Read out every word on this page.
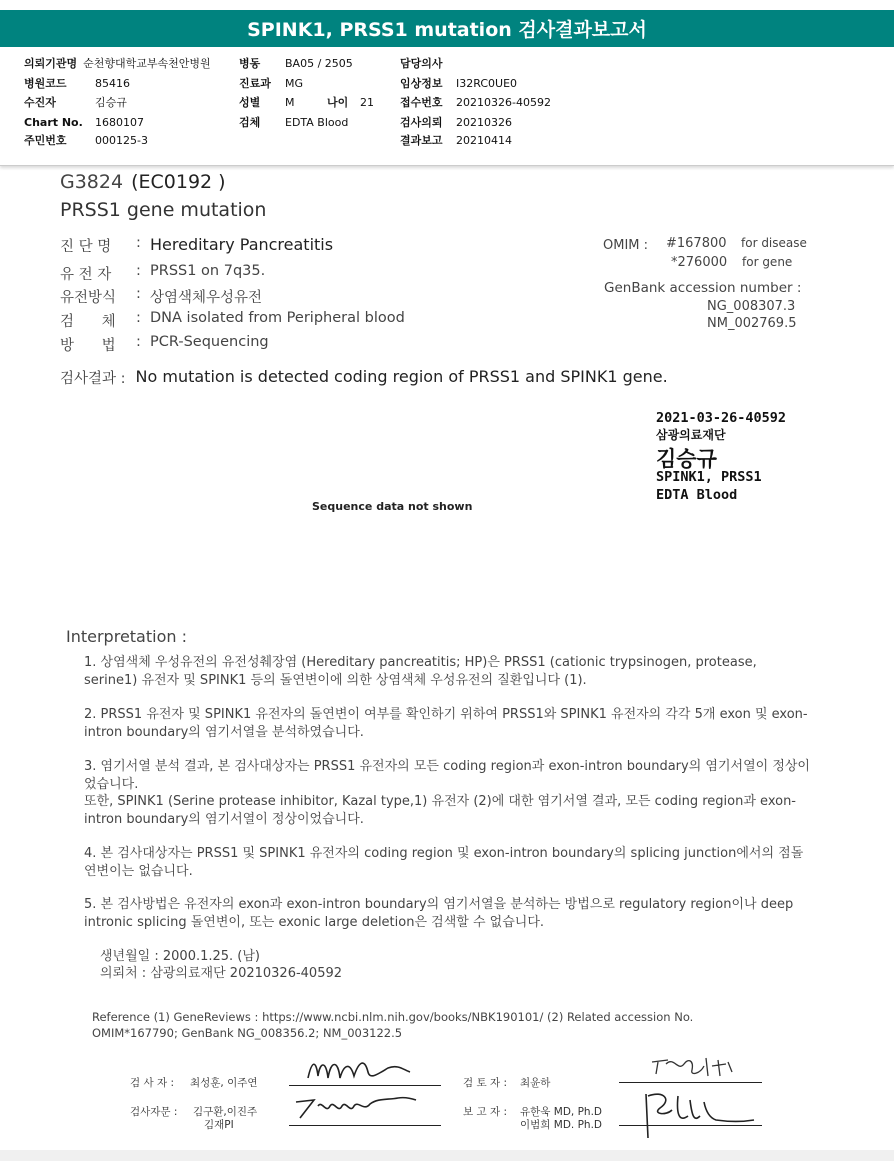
SPINK1, PRSS1 mutation 검사결과보고서
의뢰기관명 순천향대학교부속천안병원
병원코드	85416
수진자	김승규
Chart No.	1680107
주민번호	000125-3
병동	BA05 / 2505
진료과	MG
성별	M	나이	21
검체	EDTA Blood
담당의사
임상정보	I32RC0UE0
접수번호	20210326-40592
검사의뢰	20210326
결과보고	20210414
G3824 (EC0192 )
PRSS1 gene mutation
진 단 명	: Hereditary Pancreatitis
유 전 자	: PRSS1 on 7q35.
유전방식	: 상염색체우성유전
검      체	: DNA isolated from Peripheral blood
방      법	: PCR-Sequencing
OMIM : #167800 for disease
*276000 for gene
GenBank accession number :
NG_008307.3
NM_002769.5
검사결과 : No mutation is detected coding region of PRSS1 and SPINK1 gene.
2021-03-26-40592
삼광의료재단
김승규
SPINK1, PRSS1
EDTA Blood
Sequence data not shown
Interpretation :
1. 상염색체 우성유전의 유전성췌장염 (Hereditary pancreatitis; HP)은 PRSS1 (cationic trypsinogen, protease, serine1) 유전자 및 SPINK1 등의 돌연변이에 의한 상염색체 우성유전의 질환입니다 (1).
2. PRSS1 유전자 및 SPINK1 유전자의 돌연변이 여부를 확인하기 위하여 PRSS1와 SPINK1 유전자의 각각 5개 exon 및 exon-intron boundary의 염기서열을 분석하였습니다.
3. 염기서열 분석 결과, 본 검사대상자는 PRSS1 유전자의 모든 coding region과 exon-intron boundary의 염기서열이 정상이었습니다.
또한, SPINK1 (Serine protease inhibitor, Kazal type,1) 유전자 (2)에 대한 염기서열 결과, 모든 coding region과 exon-intron boundary의 염기서열이 정상이었습니다.
4. 본 검사대상자는 PRSS1 및 SPINK1 유전자의 coding region 및 exon-intron boundary의 splicing junction에서의 점돌연변이는 없습니다.
5. 본 검사방법은 유전자의 exon과 exon-intron boundary의 염기서열을 분석하는 방법으로 regulatory region이나 deep intronic splicing 돌연변이, 또는 exonic large deletion은 검색할 수 없습니다.
생년월일 : 2000.1.25. (남)
의뢰처 : 삼광의료재단 20210326-40592
Reference (1) GeneReviews : https://www.ncbi.nlm.nih.gov/books/NBK190101/ (2) Related accession No. OMIM*167790; GenBank NG_008356.2; NM_003122.5
검 사 자 : 최성훈, 이주연	검 토 자 : 최윤하
검사자문 : 김구환,이진주
김재PI
보 고 자 : 유한욱 MD, Ph.D
이범희 MD. Ph.D
